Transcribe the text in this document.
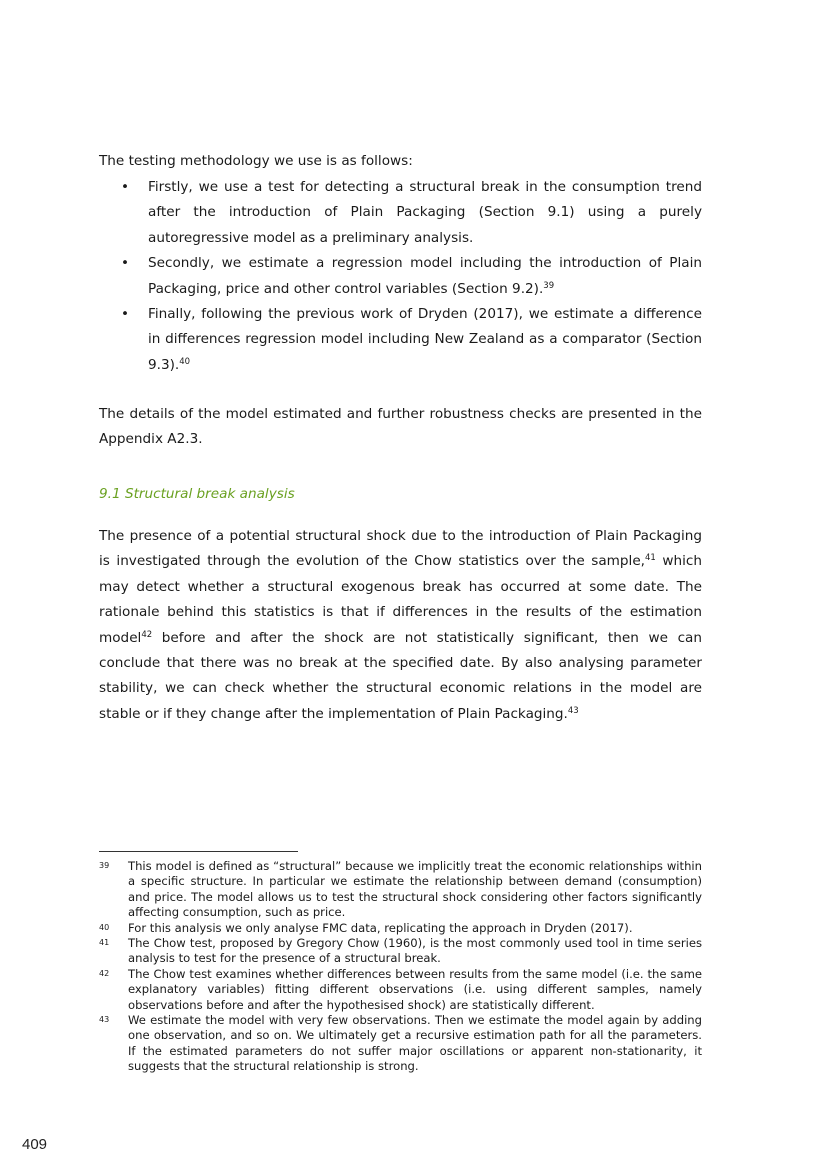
The testing methodology we use is as follows:

• Firstly, we use a test for detecting a structural break in the consumption trend after the introduction of Plain Packaging (Section 9.1) using a purely autoregressive model as a preliminary analysis.
• Secondly, we estimate a regression model including the introduction of Plain Packaging, price and other control variables (Section 9.2).$^{39}$
• Finally, following the previous work of Dryden (2017), we estimate a difference in differences regression model including New Zealand as a comparator (Section 9.3).$^{40}$

The details of the model estimated and further robustness checks are presented in the Appendix A2.3.

9.1 Structural break analysis

The presence of a potential structural shock due to the introduction of Plain Packaging is investigated through the evolution of the Chow statistics over the sample,$^{41}$ which may detect whether a structural exogenous break has occurred at some date. The rationale behind this statistics is that if differences in the results of the estimation model$^{42}$ before and after the shock are not statistically significant, then we can conclude that there was no break at the specified date. By also analysing parameter stability, we can check whether the structural economic relations in the model are stable or if they change after the implementation of Plain Packaging.$^{43}$

39 This model is defined as “structural” because we implicitly treat the economic relationships within a specific structure. In particular we estimate the relationship between demand (consumption) and price. The model allows us to test the structural shock considering other factors significantly affecting consumption, such as price.
40 For this analysis we only analyse FMC data, replicating the approach in Dryden (2017).
41 The Chow test, proposed by Gregory Chow (1960), is the most commonly used tool in time series analysis to test for the presence of a structural break.
42 The Chow test examines whether differences between results from the same model (i.e. the same explanatory variables) fitting different observations (i.e. using different samples, namely observations before and after the hypothesised shock) are statistically different.
43 We estimate the model with very few observations. Then we estimate the model again by adding one observation, and so on. We ultimately get a recursive estimation path for all the parameters. If the estimated parameters do not suffer major oscillations or apparent non-stationarity, it suggests that the structural relationship is strong.

409
